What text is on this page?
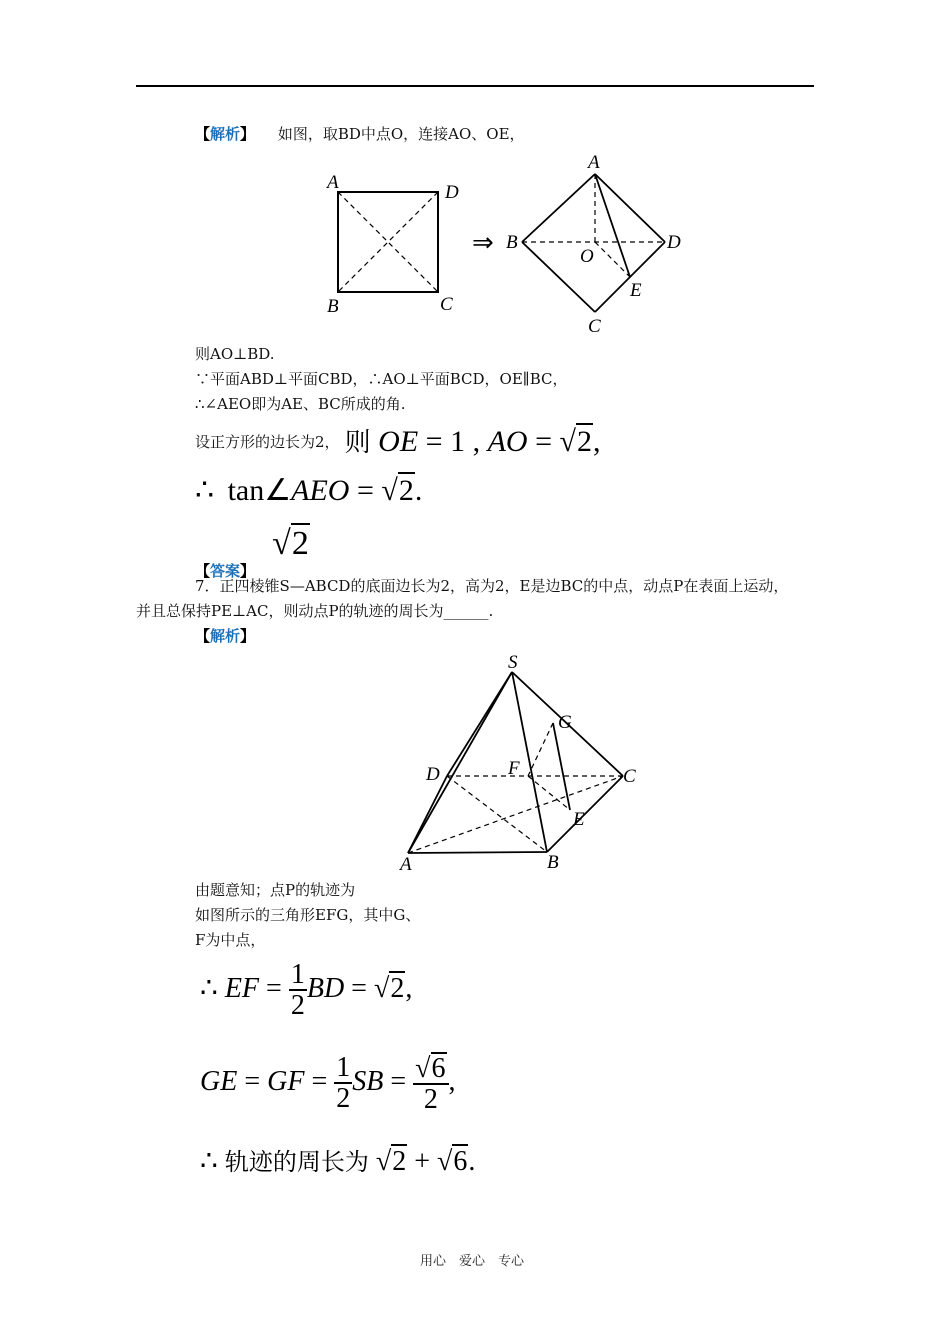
【解析】 如图，取BD中点O，连接AO、OE，
A	D
B	C
⇒
A
B
O
D
E
C
则AO⊥BD.
∵平面ABD⊥平面CBD，∴AO⊥平面BCD，OE∥BC，
∴∠AEO即为AE、BC所成的角.
设正方形的边长为2， 则 OE = 1 , AO = √2,
∴ tan∠AEO = √2.
【答案】 √2
7．正四棱锥S—ABCD的底面边长为2，高为2，E是边BC的中点，动点P在表面上运动，
并且总保持PE⊥AC，则动点P的轨迹的周长为______.
【解析】
S
G
D	F	C
E
A	B
由题意知；点P的轨迹为
如图所示的三角形EFG，其中G、
F为中点，
∴ EF = $\frac{1}{2}$ BD = √2,
GE = GF = $\frac{1}{2}$ SB = $\frac{√6}{2}$ ,
∴ 轨迹的周长为 √2 + √6.
用心　爱心　专心
